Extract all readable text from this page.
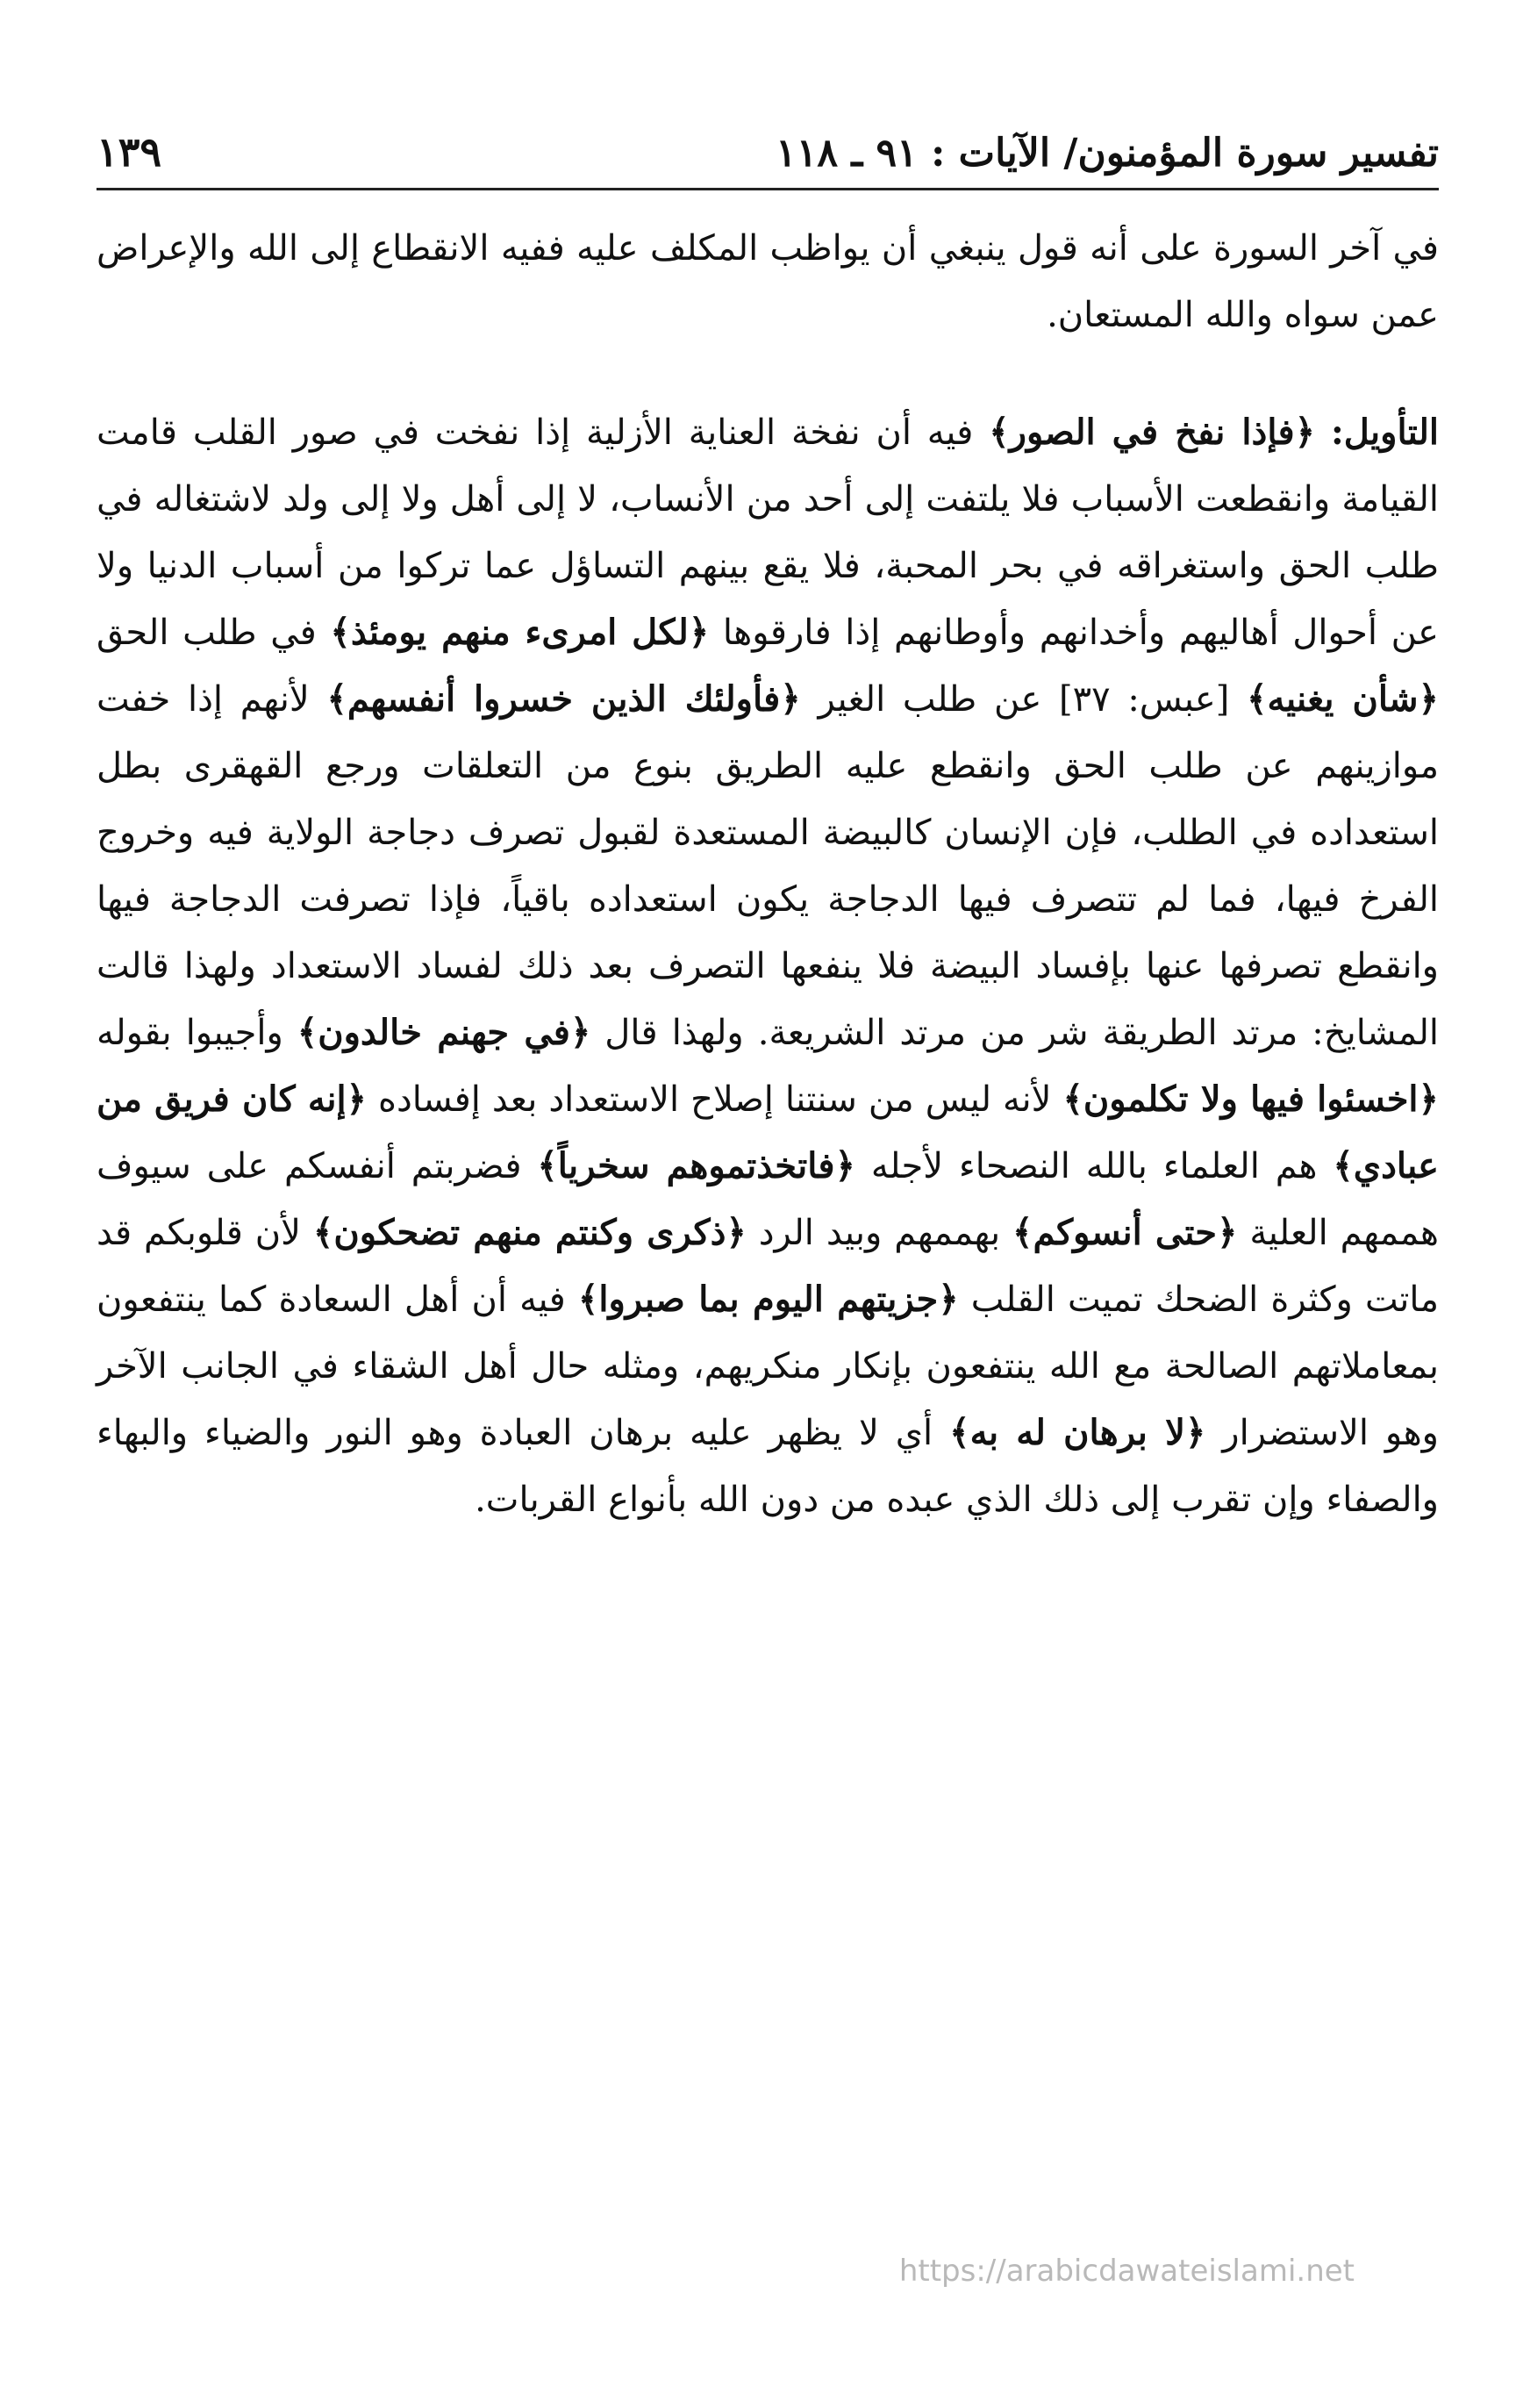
تفسير سورة المؤمنون/ الآيات : ٩١ ـ ١١٨
١٣٩

في آخر السورة على أنه قول ينبغي أن يواظب المكلف عليه ففيه الانقطاع إلى الله والإعراض عمن سواه والله المستعان.

التأويل: ﴿فإذا نفخ في الصور﴾ فيه أن نفخة العناية الأزلية إذا نفخت في صور القلب قامت القيامة وانقطعت الأسباب فلا يلتفت إلى أحد من الأنساب، لا إلى أهل ولا إلى ولد لاشتغاله في طلب الحق واستغراقه في بحر المحبة، فلا يقع بينهم التساؤل عما تركوا من أسباب الدنيا ولا عن أحوال أهاليهم وأخدانهم وأوطانهم إذا فارقوها ﴿لكل امرىء منهم يومئذ﴾ في طلب الحق ﴿شأن يغنيه﴾ [عبس: ٣٧] عن طلب الغير ﴿فأولئك الذين خسروا أنفسهم﴾ لأنهم إذا خفت موازينهم عن طلب الحق وانقطع عليه الطريق بنوع من التعلقات ورجع القهقرى بطل استعداده في الطلب، فإن الإنسان كالبيضة المستعدة لقبول تصرف دجاجة الولاية فيه وخروج الفرخ فيها، فما لم تتصرف فيها الدجاجة يكون استعداده باقياً، فإذا تصرفت الدجاجة فيها وانقطع تصرفها عنها بإفساد البيضة فلا ينفعها التصرف بعد ذلك لفساد الاستعداد ولهذا قالت المشايخ: مرتد الطريقة شر من مرتد الشريعة. ولهذا قال ﴿في جهنم خالدون﴾ وأجيبوا بقوله ﴿اخسئوا فيها ولا تكلمون﴾ لأنه ليس من سنتنا إصلاح الاستعداد بعد إفساده ﴿إنه كان فريق من عبادي﴾ هم العلماء بالله النصحاء لأجله ﴿فاتخذتموهم سخرياً﴾ فضربتم أنفسكم على سيوف هممهم العلية ﴿حتى أنسوكم﴾ بهممهم وبيد الرد ﴿ذكرى وكنتم منهم تضحكون﴾ لأن قلوبكم قد ماتت وكثرة الضحك تميت القلب ﴿جزيتهم اليوم بما صبروا﴾ فيه أن أهل السعادة كما ينتفعون بمعاملاتهم الصالحة مع الله ينتفعون بإنكار منكريهم، ومثله حال أهل الشقاء في الجانب الآخر وهو الاستضرار ﴿لا برهان له به﴾ أي لا يظهر عليه برهان العبادة وهو النور والضياء والبهاء والصفاء وإن تقرب إلى ذلك الذي عبده من دون الله بأنواع القربات.

https://arabicdawateislami.net
